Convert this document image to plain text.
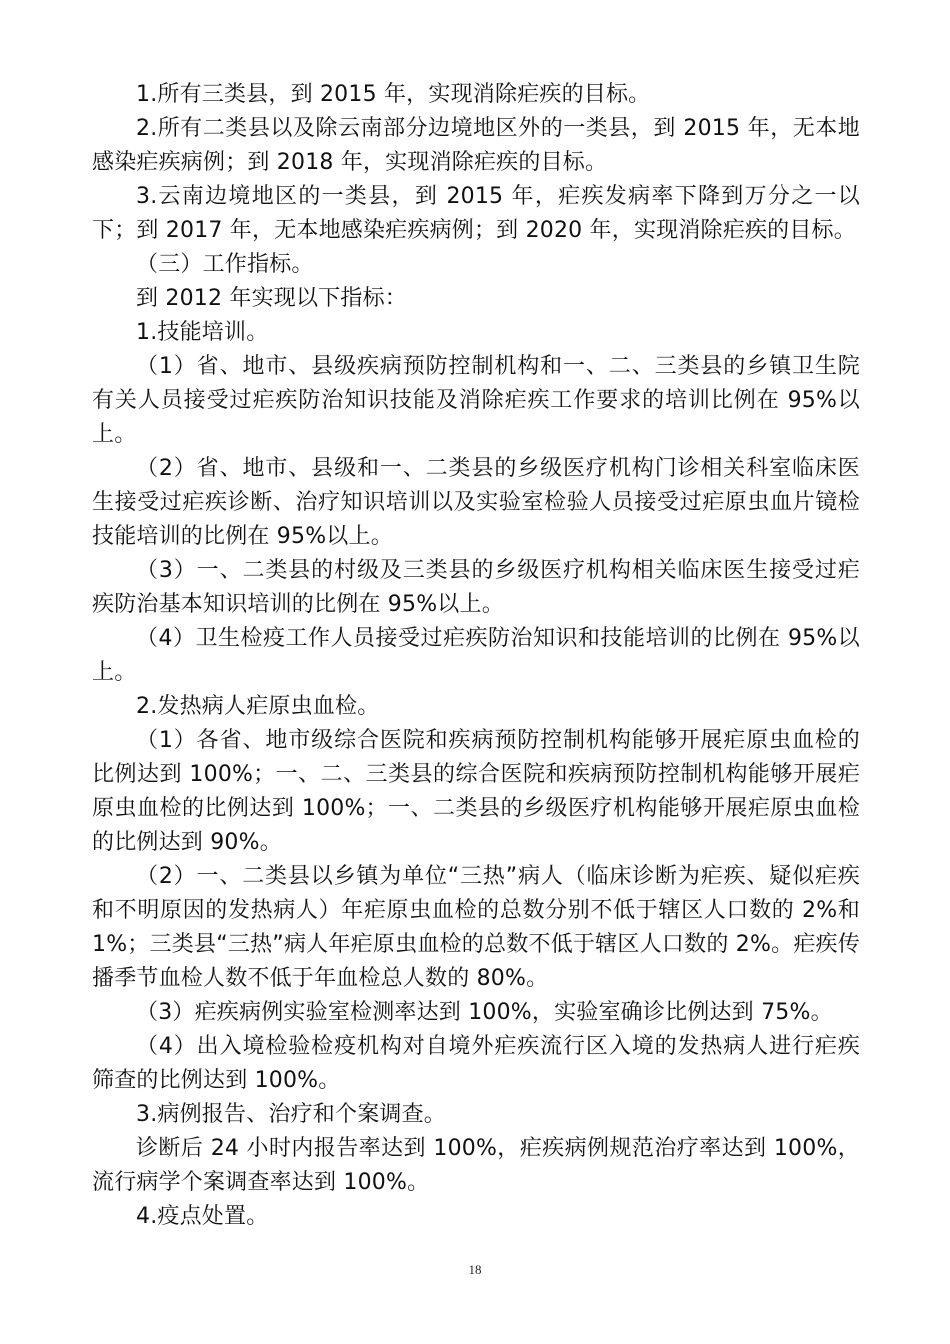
1.所有三类县，到 2015 年，实现消除疟疾的目标。

2.所有二类县以及除云南部分边境地区外的一类县，到 2015 年，无本地感染疟疾病例；到 2018 年，实现消除疟疾的目标。

3.云南边境地区的一类县，到 2015 年，疟疾发病率下降到万分之一以下；到 2017 年，无本地感染疟疾病例；到 2020 年，实现消除疟疾的目标。

（三）工作指标。

到 2012 年实现以下指标：

1.技能培训。

（1）省、地市、县级疾病预防控制机构和一、二、三类县的乡镇卫生院有关人员接受过疟疾防治知识技能及消除疟疾工作要求的培训比例在 95%以上。

（2）省、地市、县级和一、二类县的乡级医疗机构门诊相关科室临床医生接受过疟疾诊断、治疗知识培训以及实验室检验人员接受过疟原虫血片镜检技能培训的比例在 95%以上。

（3）一、二类县的村级及三类县的乡级医疗机构相关临床医生接受过疟疾防治基本知识培训的比例在 95%以上。

（4）卫生检疫工作人员接受过疟疾防治知识和技能培训的比例在 95%以上。

2.发热病人疟原虫血检。

（1）各省、地市级综合医院和疾病预防控制机构能够开展疟原虫血检的比例达到 100%；一、二、三类县的综合医院和疾病预防控制机构能够开展疟原虫血检的比例达到 100%；一、二类县的乡级医疗机构能够开展疟原虫血检的比例达到 90%。

（2）一、二类县以乡镇为单位“三热”病人（临床诊断为疟疾、疑似疟疾和不明原因的发热病人）年疟原虫血检的总数分别不低于辖区人口数的 2%和 1%；三类县“三热”病人年疟原虫血检的总数不低于辖区人口数的 2%。疟疾传播季节血检人数不低于年血检总人数的 80%。

（3）疟疾病例实验室检测率达到 100%，实验室确诊比例达到 75%。

（4）出入境检验检疫机构对自境外疟疾流行区入境的发热病人进行疟疾筛查的比例达到 100%。

3.病例报告、治疗和个案调查。

诊断后 24 小时内报告率达到 100%，疟疾病例规范治疗率达到 100%，流行病学个案调查率达到 100%。

4.疫点处置。

18
